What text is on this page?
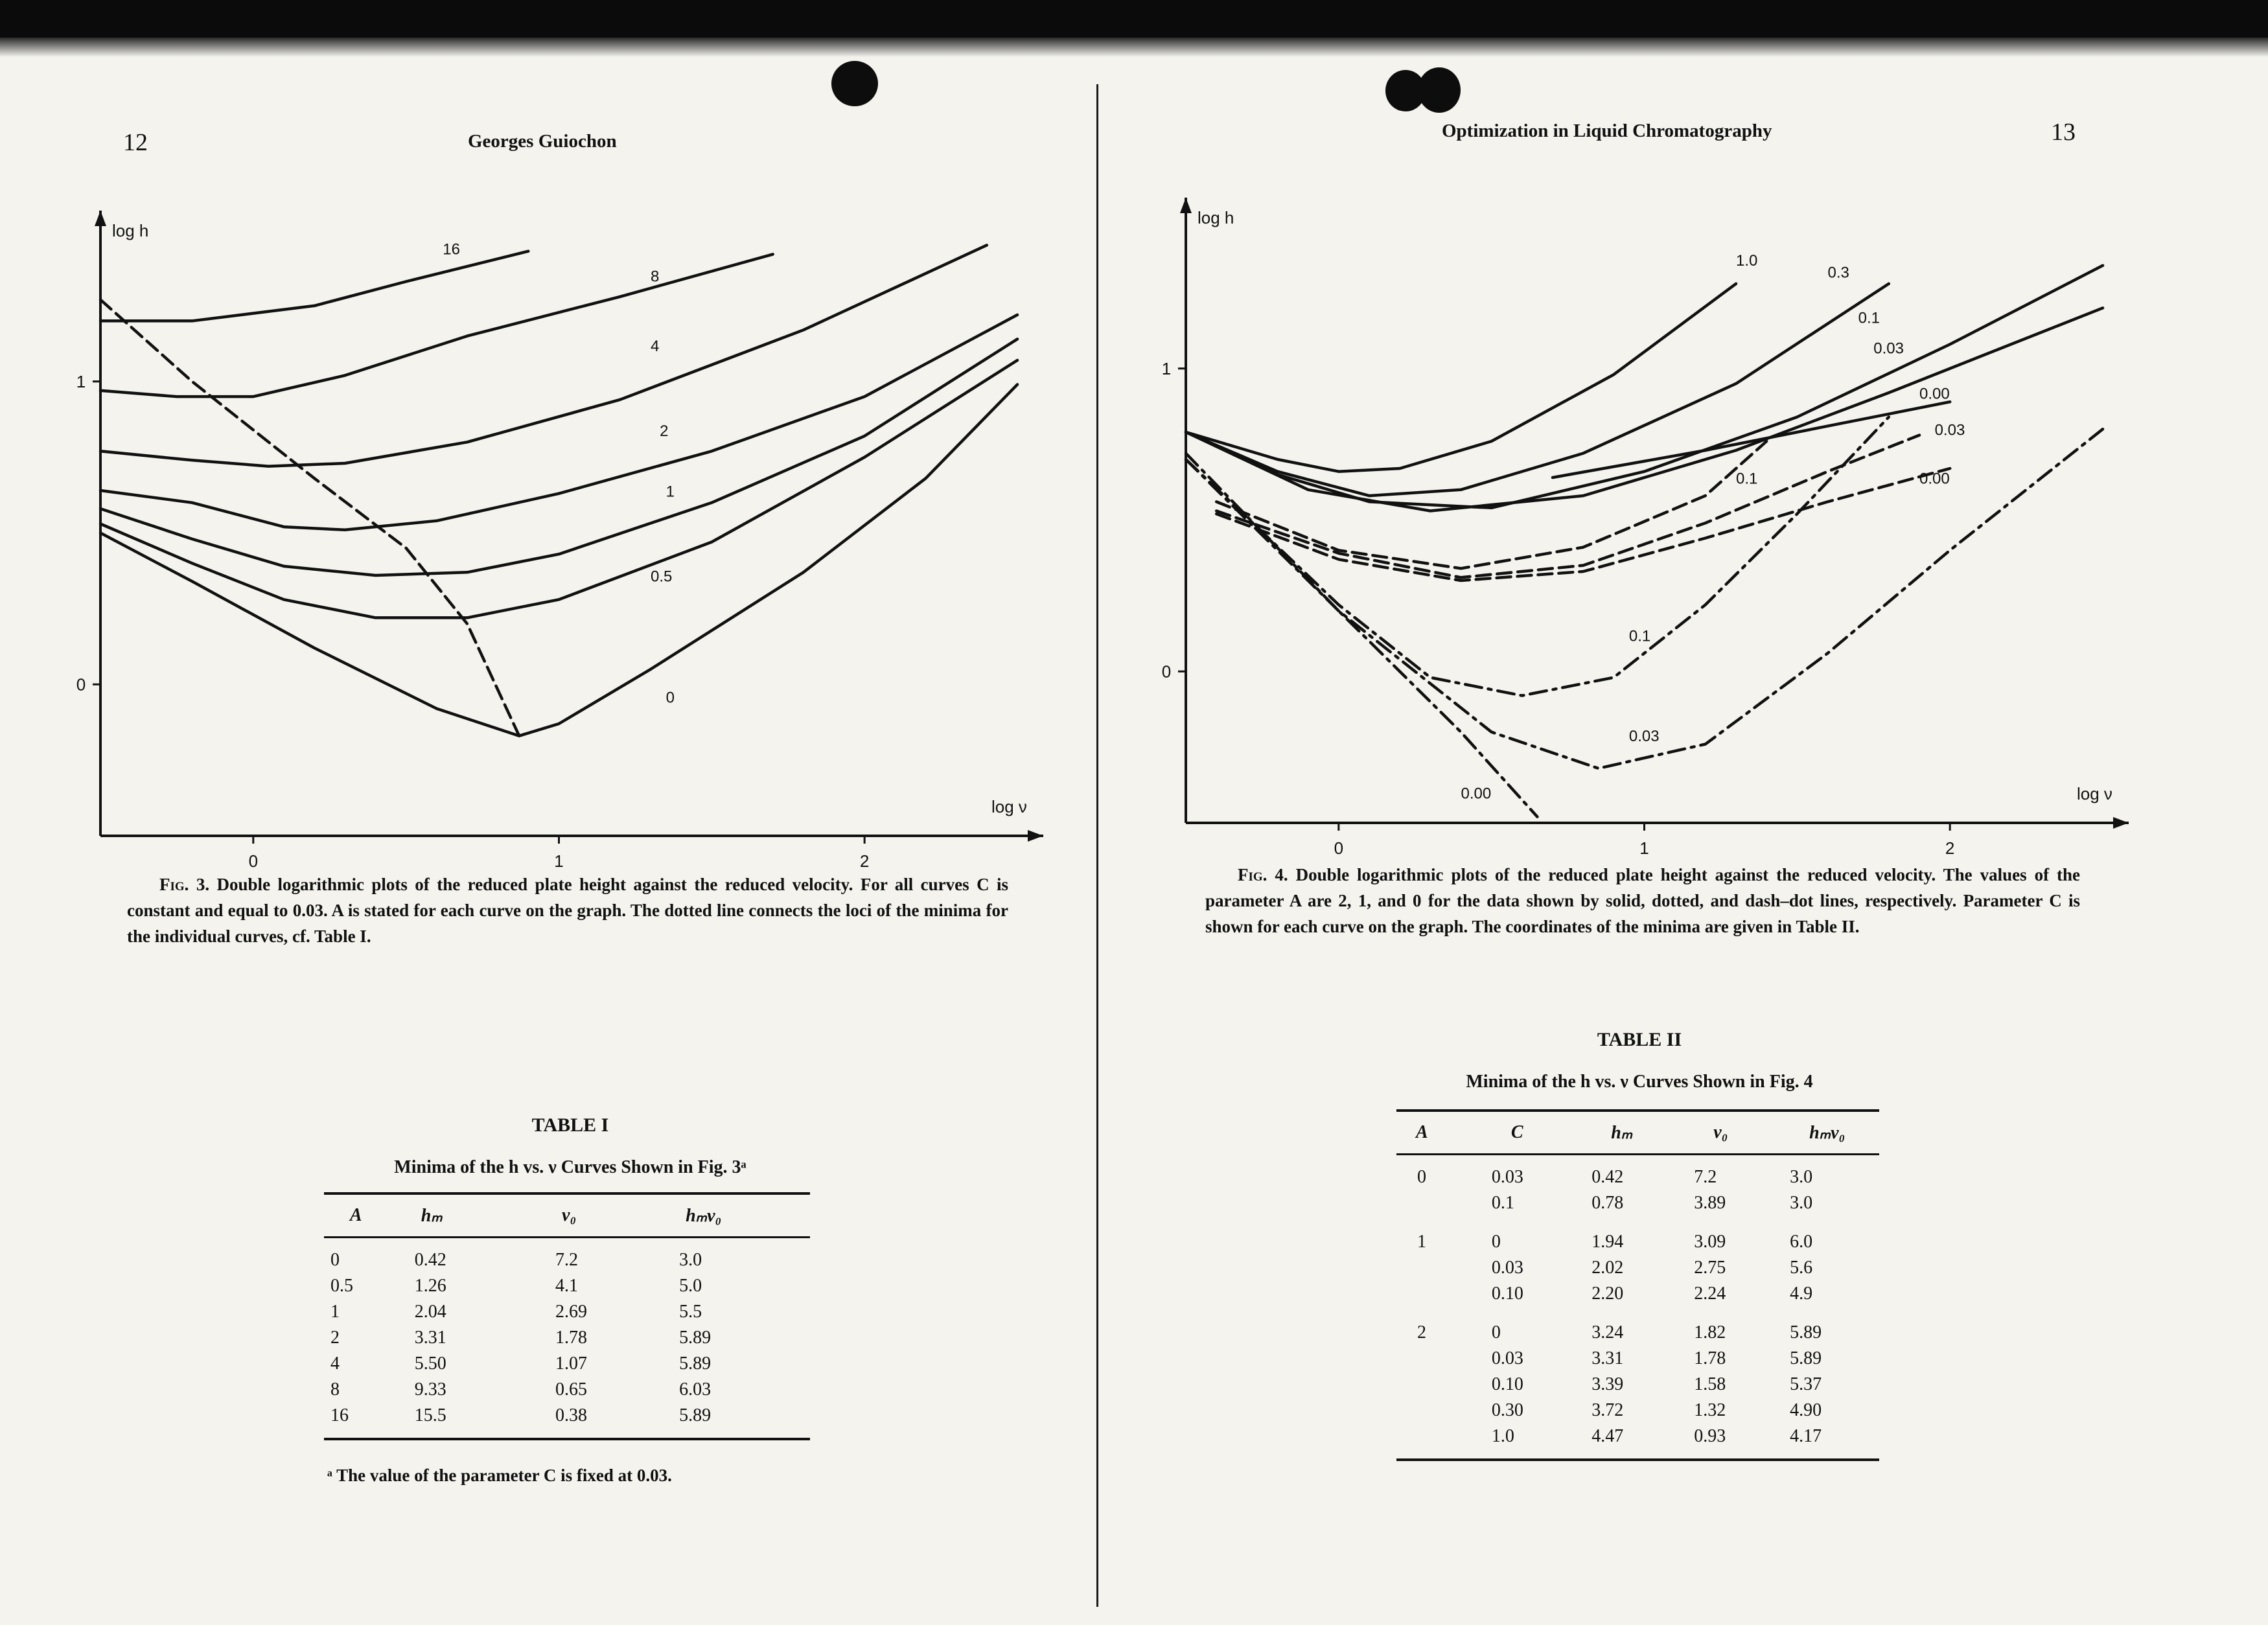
12	Georges Guiochon
0	1	2
0
1
log h
log ν
16
8
4
2
1
0.5
0
Fig. 3. Double logarithmic plots of the reduced plate height against the reduced velocity. For all curves C is constant and equal to 0.03. A is stated for each curve on the graph. The dotted line connects the loci of the minima for the individual curves, cf. Table I.
TABLE I
Minima of the h vs. ν Curves Shown in Fig. 3ᵃ
A	hₘ	ν₀	hₘν₀
0	0.42	7.2	3.0
0.5	1.26	4.1	5.0
1	2.04	2.69	5.5
2	3.31	1.78	5.89
4	5.50	1.07	5.89
8	9.33	0.65	6.03
16	15.5	0.38	5.89
ᵃ The value of the parameter C is fixed at 0.03.
13
Optimization in Liquid Chromatography
0	1	2
0
1
log h
log ν
1.0
0.3
0.1
0.03
0.00
0.1
0.03
0.00
0.1
0.03
0.00
Fig. 4. Double logarithmic plots of the reduced plate height against the reduced velocity. The values of the parameter A are 2, 1, and 0 for the data shown by solid, dotted, and dash–dot lines, respectively. Parameter C is shown for each curve on the graph. The coordinates of the minima are given in Table II.
TABLE II
Minima of the h vs. ν Curves Shown in Fig. 4
A	C	hₘ	ν₀	hₘν₀
0	0.03	0.42	7.2	3.0
	0.1	0.78	3.89	3.0
1	0	1.94	3.09	6.0
	0.03	2.02	2.75	5.6
	0.10	2.20	2.24	4.9
2	0	3.24	1.82	5.89
	0.03	3.31	1.78	5.89
	0.10	3.39	1.58	5.37
	0.30	3.72	1.32	4.90
	1.0	4.47	0.93	4.17
